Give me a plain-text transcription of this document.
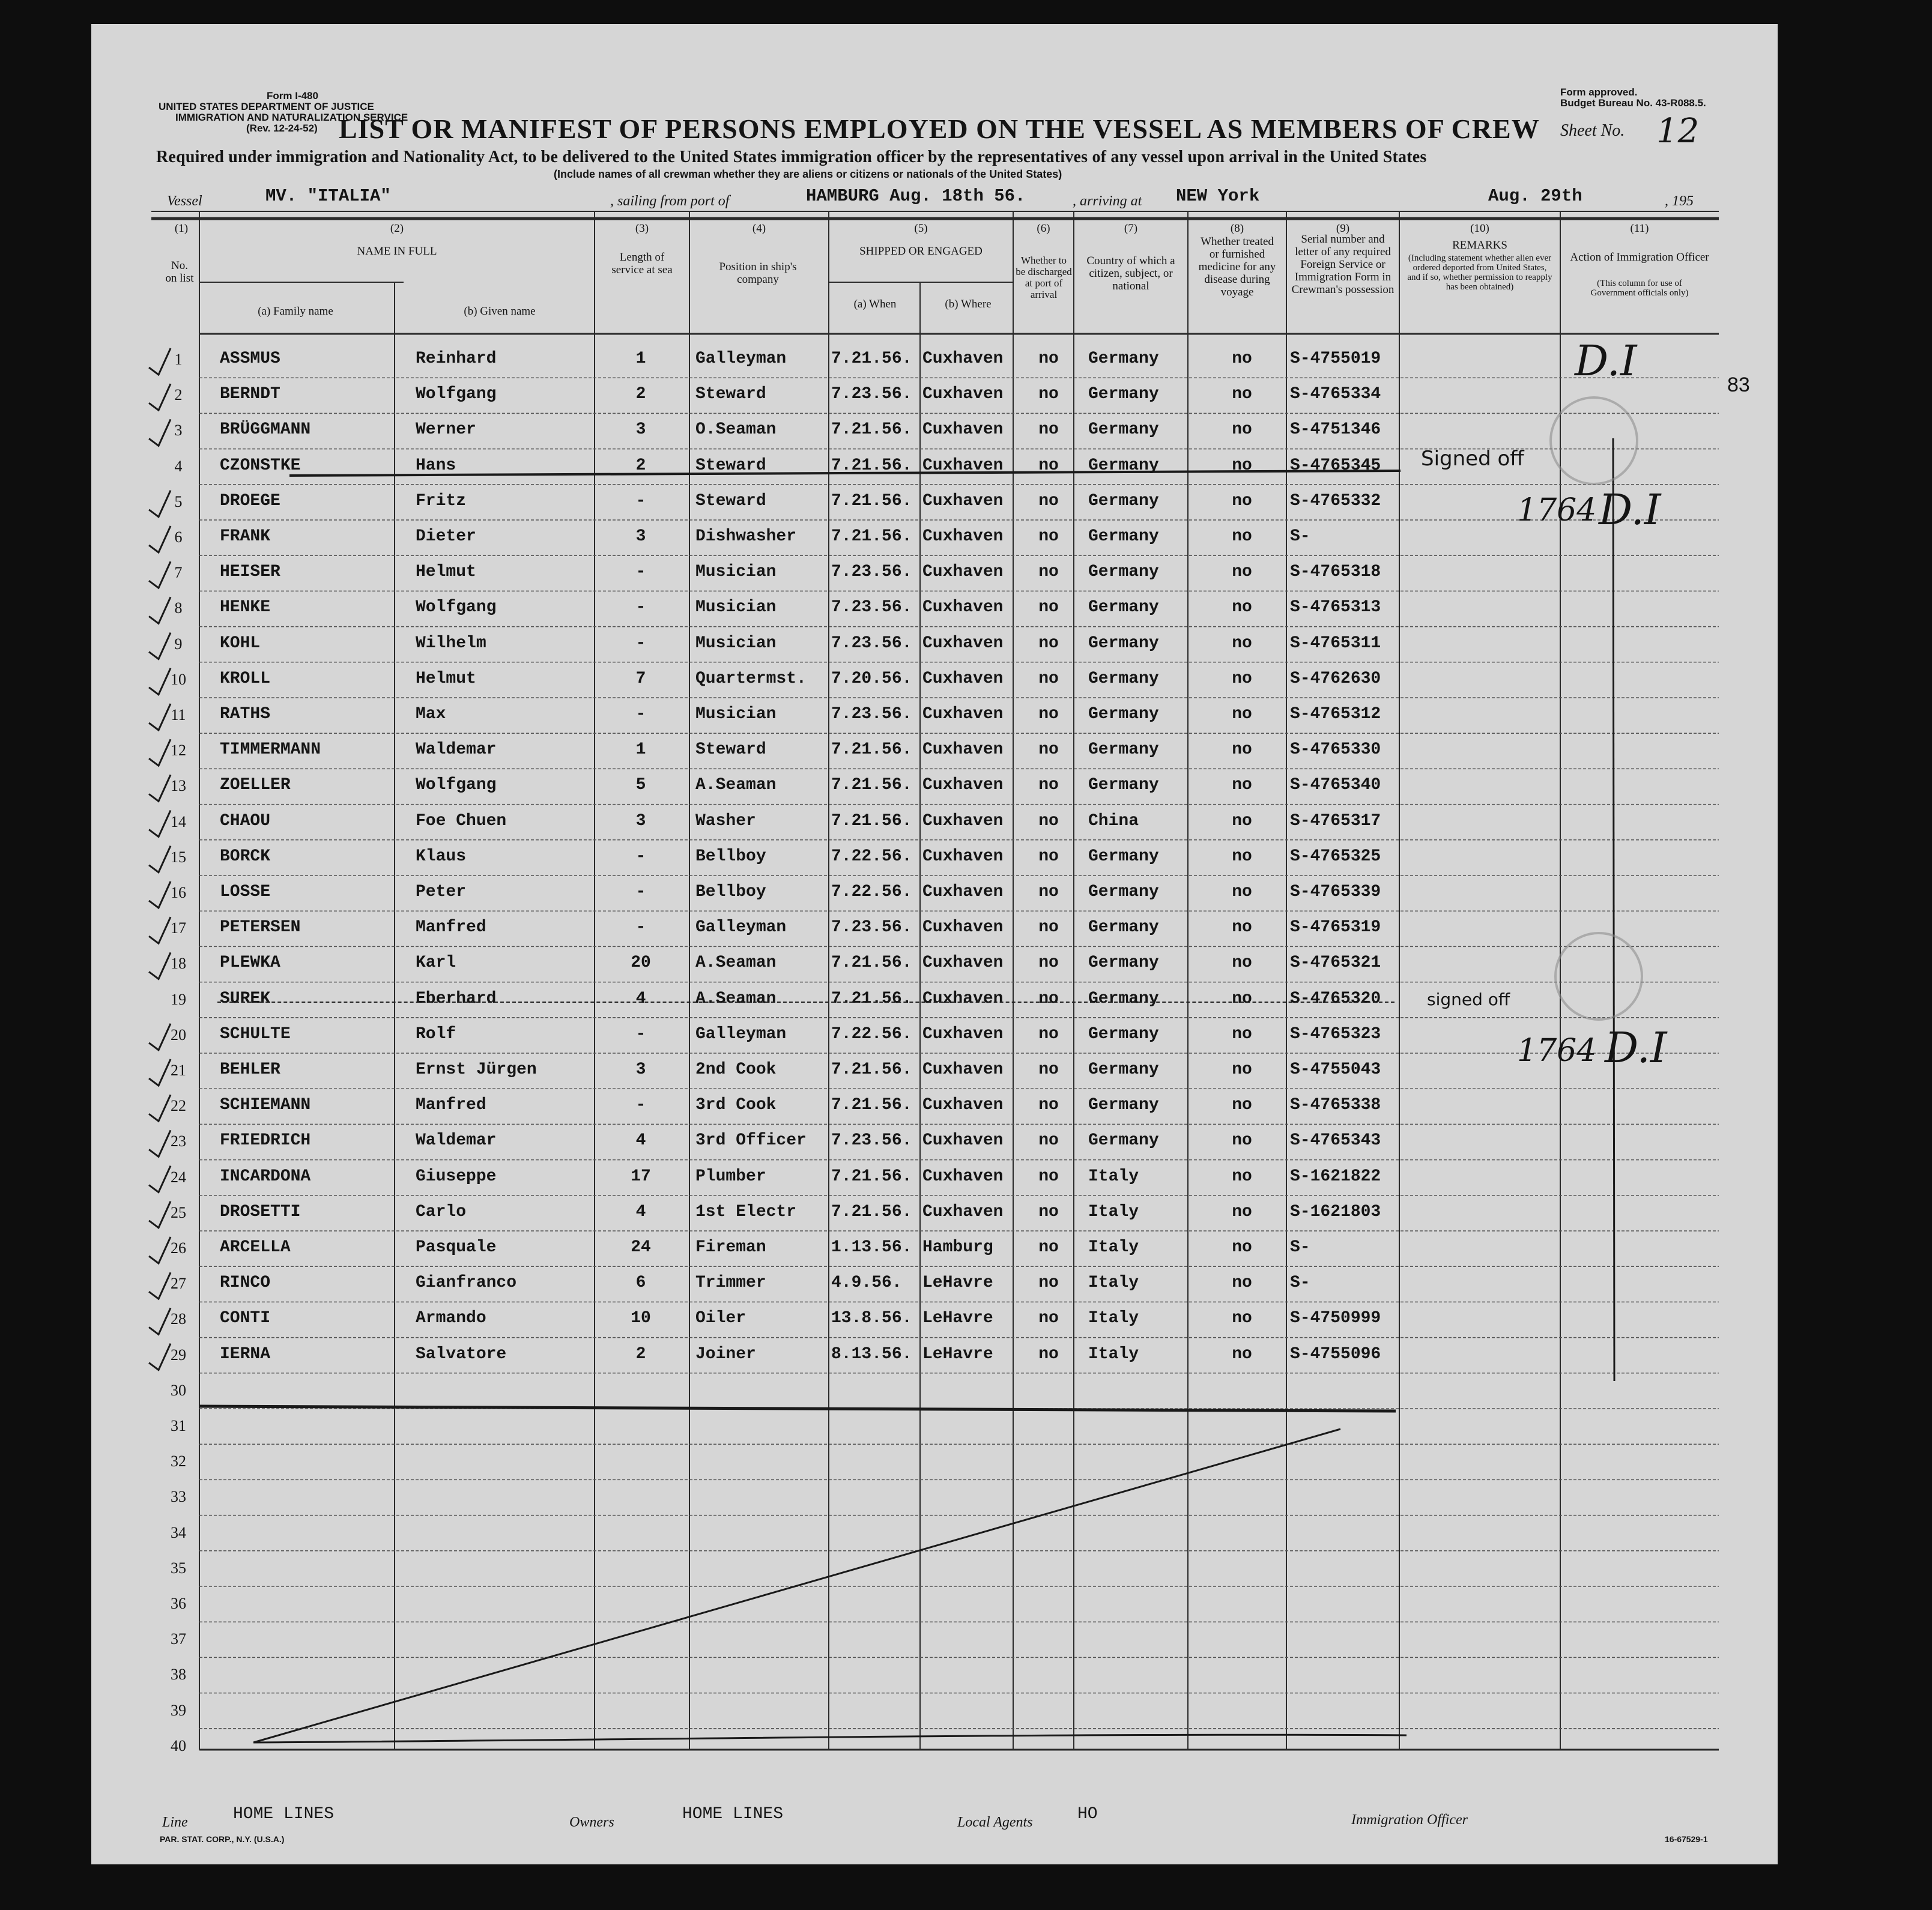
Form I-480
UNITED STATES DEPARTMENT OF JUSTICE
IMMIGRATION AND NATURALIZATION SERVICE
(Rev. 12-24-52)
Form approved.
Budget Bureau No. 43-R088.5.
LIST OR MANIFEST OF PERSONS EMPLOYED ON THE VESSEL AS MEMBERS OF CREW Sheet No. 12
Required under immigration and Nationality Act, to be delivered to the United States immigration officer by the representatives of any vessel upon arrival in the United States
(Include names of all crewman whether they are aliens or citizens or nationals of the United States)
Vessel	MV. "ITALIA"	, sailing from port of	HAMBURG Aug. 18th 56.	, arriving at NEW York	Aug. 29th	, 195
(1)
No. on list
(2)
NAME IN FULL
(a) Family name	(b) Given name
(3)
Length of service at sea
(4)
Position in ship's company
(5)
SHIPPED OR ENGAGED
(a) When	(b) Where
(6)
Whether to be discharged at port of arrival
(7)
Country of which a citizen, subject, or national
(8)
Whether treated or furnished medicine for any disease during voyage
(9)
Serial number and letter of any required Foreign Service or Immigration Form in Crewman's possession
(10)
REMARKS
(Including statement whether alien ever ordered deported from United States, and if so, whether permission to reapply has been obtained)
(11)
Action of Immigration Officer
(This column for use of Government officials only)
1	ASSMUS	Reinhard	1	Galleyman	7.21.56. Cuxhaven	no	Germany	no	S-4755019
2	BERNDT	Wolfgang	2	Steward	7.23.56. Cuxhaven	no	Germany	no	S-4765334
3	BRÜGGMANN	Werner	3	O.Seaman	7.21.56. Cuxhaven	no	Germany	no	S-4751346
4	CZONSTKE	Hans	2	Steward	7.21.56. Cuxhaven	no	Germany	no	S-4765345	Signed off
5	DROEGE	Fritz	-	Steward	7.21.56. Cuxhaven	no	Germany	no	S-4765332
6	FRANK	Dieter	3	Dishwasher	7.21.56. Cuxhaven	no	Germany	no	S-
7	HEISER	Helmut	-	Musician	7.23.56. Cuxhaven	no	Germany	no	S-4765318
8	HENKE	Wolfgang	-	Musician	7.23.56. Cuxhaven	no	Germany	no	S-4765313
9	KOHL	Wilhelm	-	Musician	7.23.56. Cuxhaven	no	Germany	no	S-4765311
10	KROLL	Helmut	7	Quartermst.	7.20.56. Cuxhaven	no	Germany	no	S-4762630
11	RATHS	Max	-	Musician	7.23.56. Cuxhaven	no	Germany	no	S-4765312
12	TIMMERMANN	Waldemar	1	Steward	7.21.56. Cuxhaven	no	Germany	no	S-4765330
13	ZOELLER	Wolfgang	5	A.Seaman	7.21.56. Cuxhaven	no	Germany	no	S-4765340
14	CHAOU	Foe Chuen	3	Washer	7.21.56. Cuxhaven	no	China	no	S-4765317
15	BORCK	Klaus	-	Bellboy	7.22.56. Cuxhaven	no	Germany	no	S-4765325
16	LOSSE	Peter	-	Bellboy	7.22.56. Cuxhaven	no	Germany	no	S-4765339
17	PETERSEN	Manfred	-	Galleyman	7.23.56. Cuxhaven	no	Germany	no	S-4765319
18	PLEWKA	Karl	20	A.Seaman	7.21.56. Cuxhaven	no	Germany	no	S-4765321
19	SUREK	Eberhard	4	A.Seaman	7.21.56. Cuxhaven	no	Germany	no	S-4765320	signed off
20	SCHULTE	Rolf	-	Galleyman	7.22.56. Cuxhaven	no	Germany	no	S-4765323
21	BEHLER	Ernst Jürgen	3	2nd Cook	7.21.56. Cuxhaven	no	Germany	no	S-4755043
22	SCHIEMANN	Manfred	-	3rd Cook	7.21.56. Cuxhaven	no	Germany	no	S-4765338
23	FRIEDRICH	Waldemar	4	3rd Officer	7.23.56. Cuxhaven	no	Germany	no	S-4765343
24	INCARDONA	Giuseppe	17	Plumber	7.21.56. Cuxhaven	no	Italy	no	S-1621822
25	DROSETTI	Carlo	4	1st Electr	7.21.56. Cuxhaven	no	Italy	no	S-1621803
26	ARCELLA	Pasquale	24	Fireman	1.13.56. Hamburg	no	Italy	no	S-
27	RINCO	Gianfranco	6	Trimmer	4.9.56.	LeHavre	no	Italy	no	S-
28	CONTI	Armando	10	Oiler	13.8.56. LeHavre	no	Italy	no	S-4750999
29	IERNA	Salvatore	2	Joiner	8.13.56. LeHavre	no	Italy	no	S-4755096
30
31
32
33
34
35
36
37
38
39
40
83
D.I
D.I
D.I
1764
1764
Line	HOME LINES	Owners	HOME LINES	Local Agents	HO	Immigration Officer
PAR. STAT. CORP., N.Y. (U.S.A.)	16-67529-1
